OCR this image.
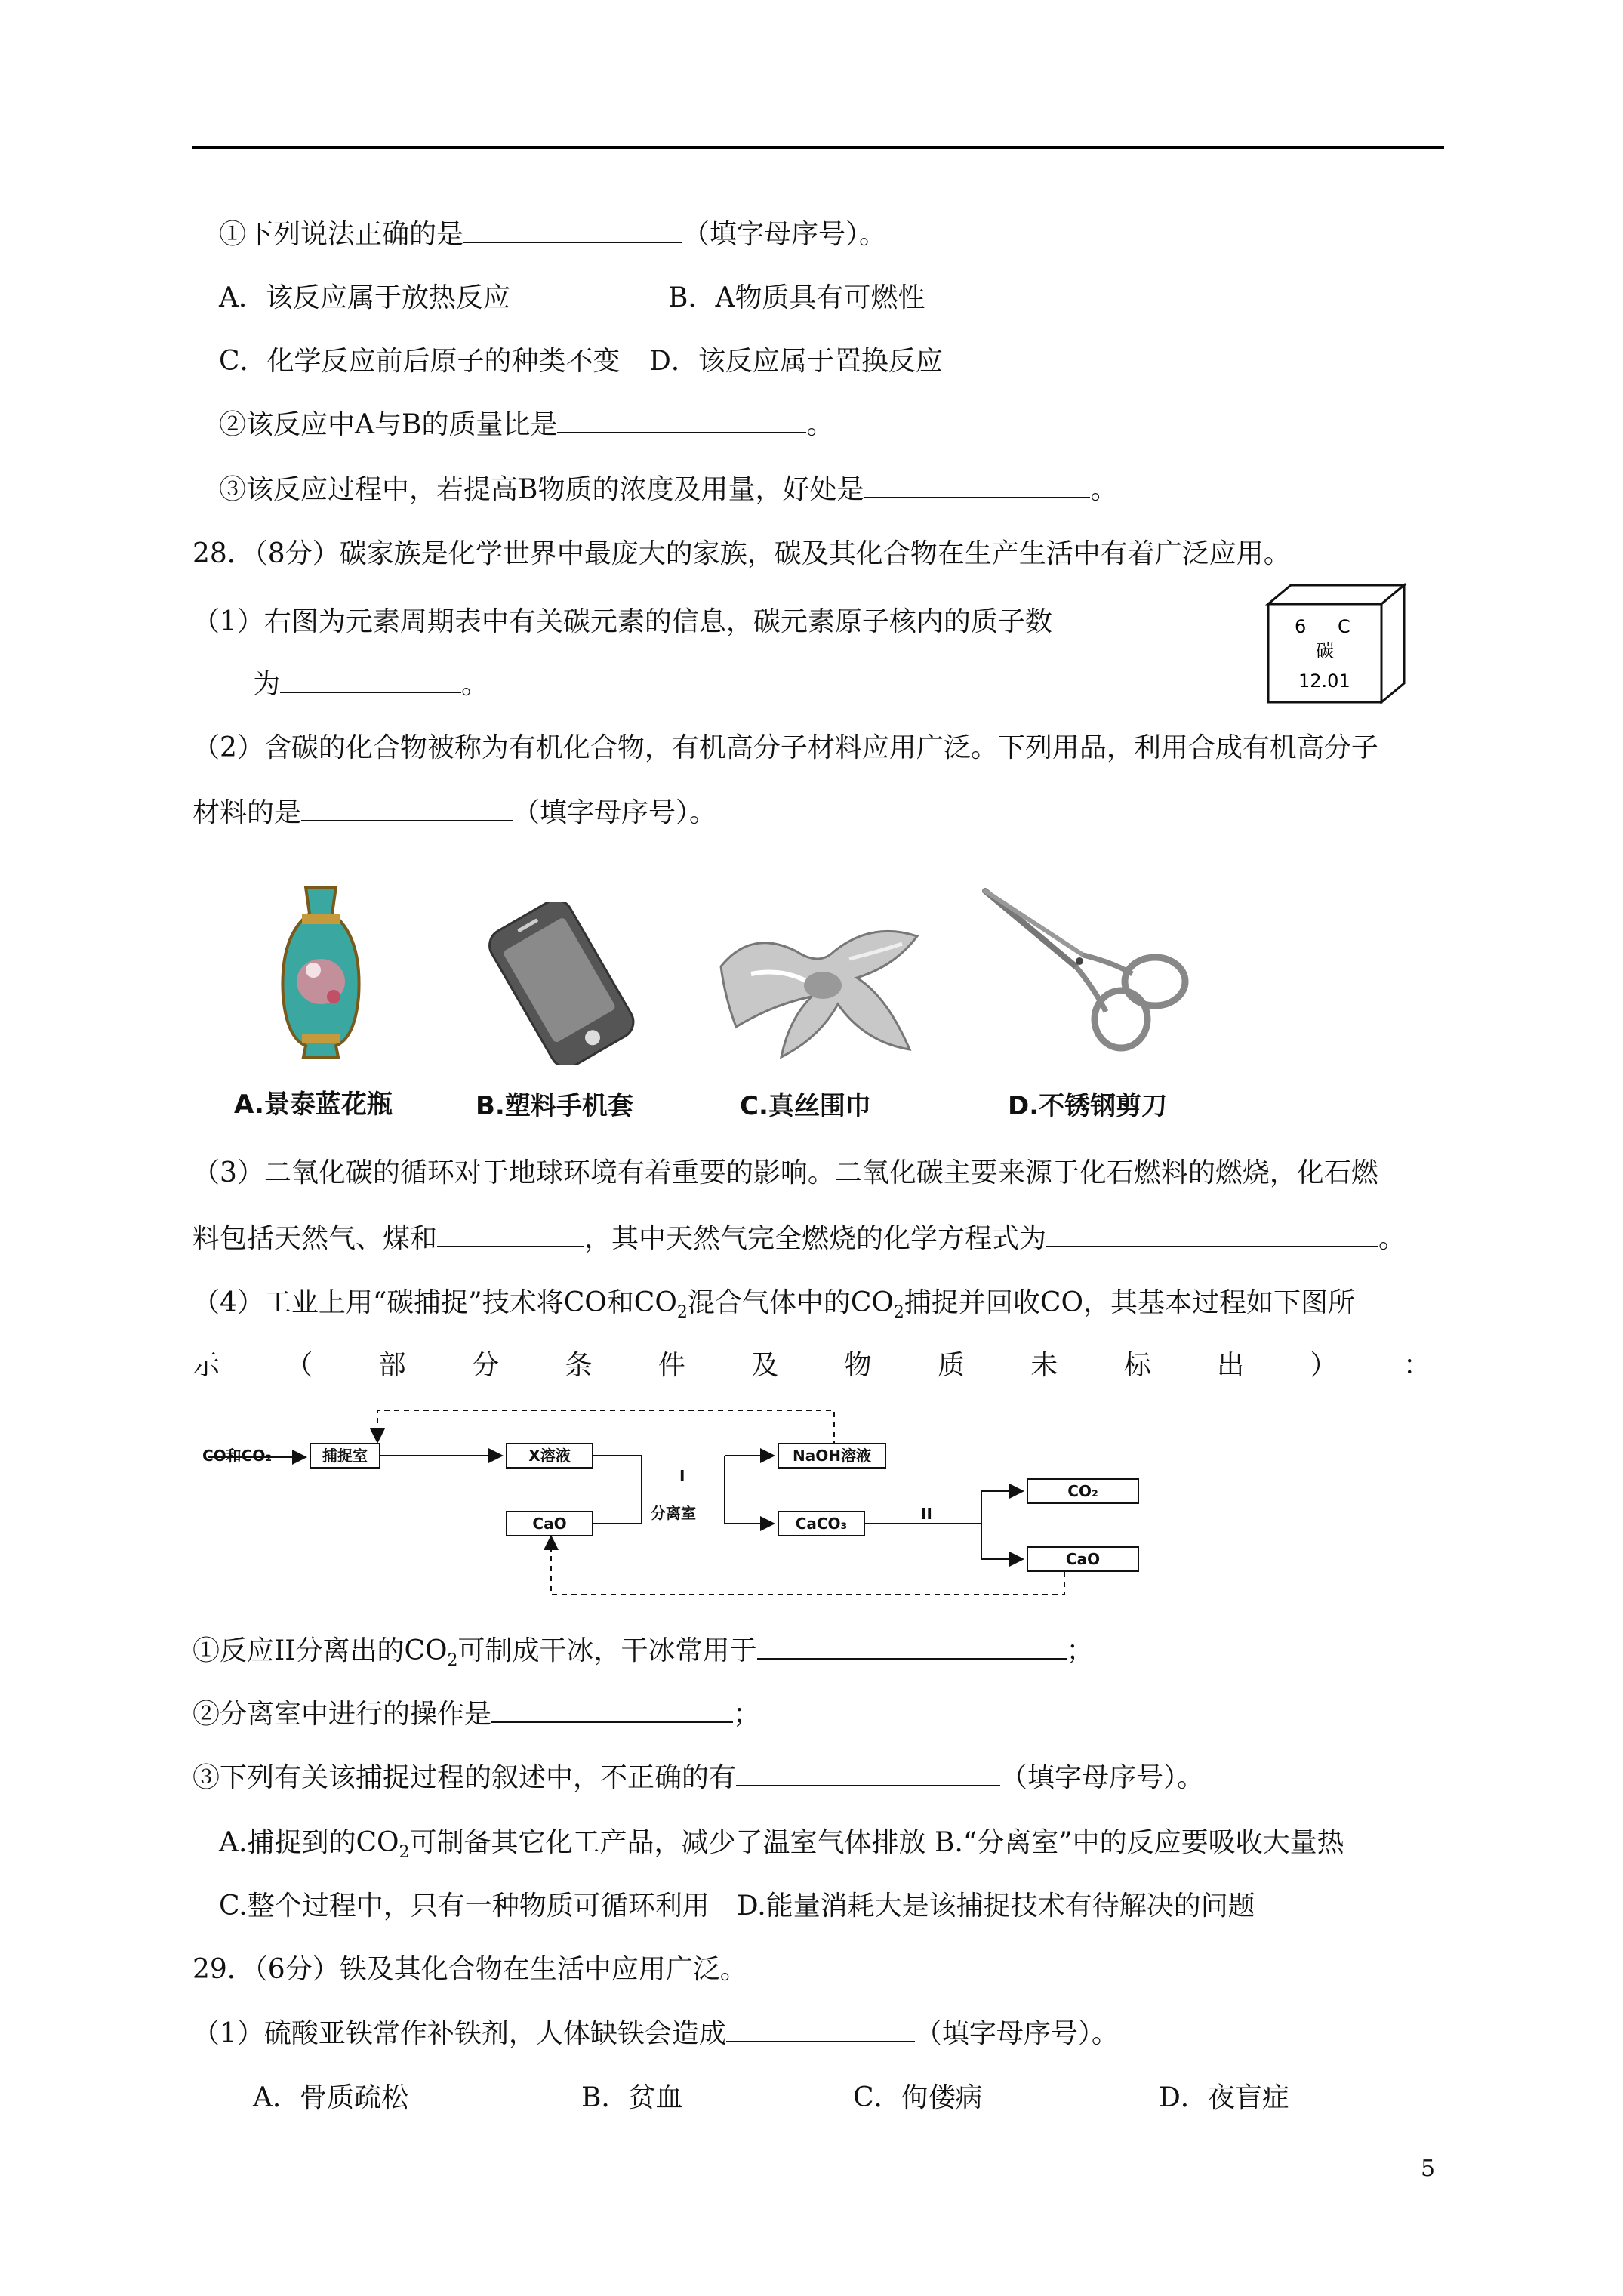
①下列说法正确的是	（填字母序号）。
A．该反应属于放热反应	B．A物质具有可燃性
C．化学反应前后原子的种类不变 D．该反应属于置换反应
②该反应中A与B的质量比是	。
③该反应过程中，若提高B物质的浓度及用量，好处是	。
28．（8分）碳家族是化学世界中最庞大的家族，碳及其化合物在生产生活中有着广泛应用。
（1）右图为元素周期表中有关碳元素的信息，碳元素原子核内的质子数
为	。
6 C
碳
12.01
（2）含碳的化合物被称为有机化合物，有机高分子材料应用广泛。下列用品，利用合成有机高分子
材料的是	（填字母序号）。
A.景泰蓝花瓶	B.塑料手机套	C.真丝围巾	D.不锈钢剪刀
（3）二氧化碳的循环对于地球环境有着重要的影响。二氧化碳主要来源于化石燃料的燃烧，化石燃
料包括天然气、煤和	，其中天然气完全燃烧的化学方程式为	。
（4）工业上用“碳捕捉”技术将CO和$CO_2$混合气体中的$CO_2$捕捉并回收CO，其基本过程如下图所
示 （ 部 分 条 件 及 物 质 未 标 出 ） ：
CO和CO₂	捕捉室	X溶液	NaOH溶液
CaO
I
分离室
CaCO₃
II
CO₂
CaO
①反应II分离出的$CO_2$可制成干冰，干冰常用于	；
②分离室中进行的操作是	；
③下列有关该捕捉过程的叙述中，不正确的有	（填字母序号）。
A.捕捉到的$CO_2$可制备其它化工产品，减少了温室气体排放 B.“分离室”中的反应要吸收大量热
C.整个过程中，只有一种物质可循环利用　D.能量消耗大是该捕捉技术有待解决的问题
29．（6分）铁及其化合物在生活中应用广泛。
（1）硫酸亚铁常作补铁剂，人体缺铁会造成	（填字母序号）。
A．骨质疏松	B．贫血	C．佝偻病	D．夜盲症
5
